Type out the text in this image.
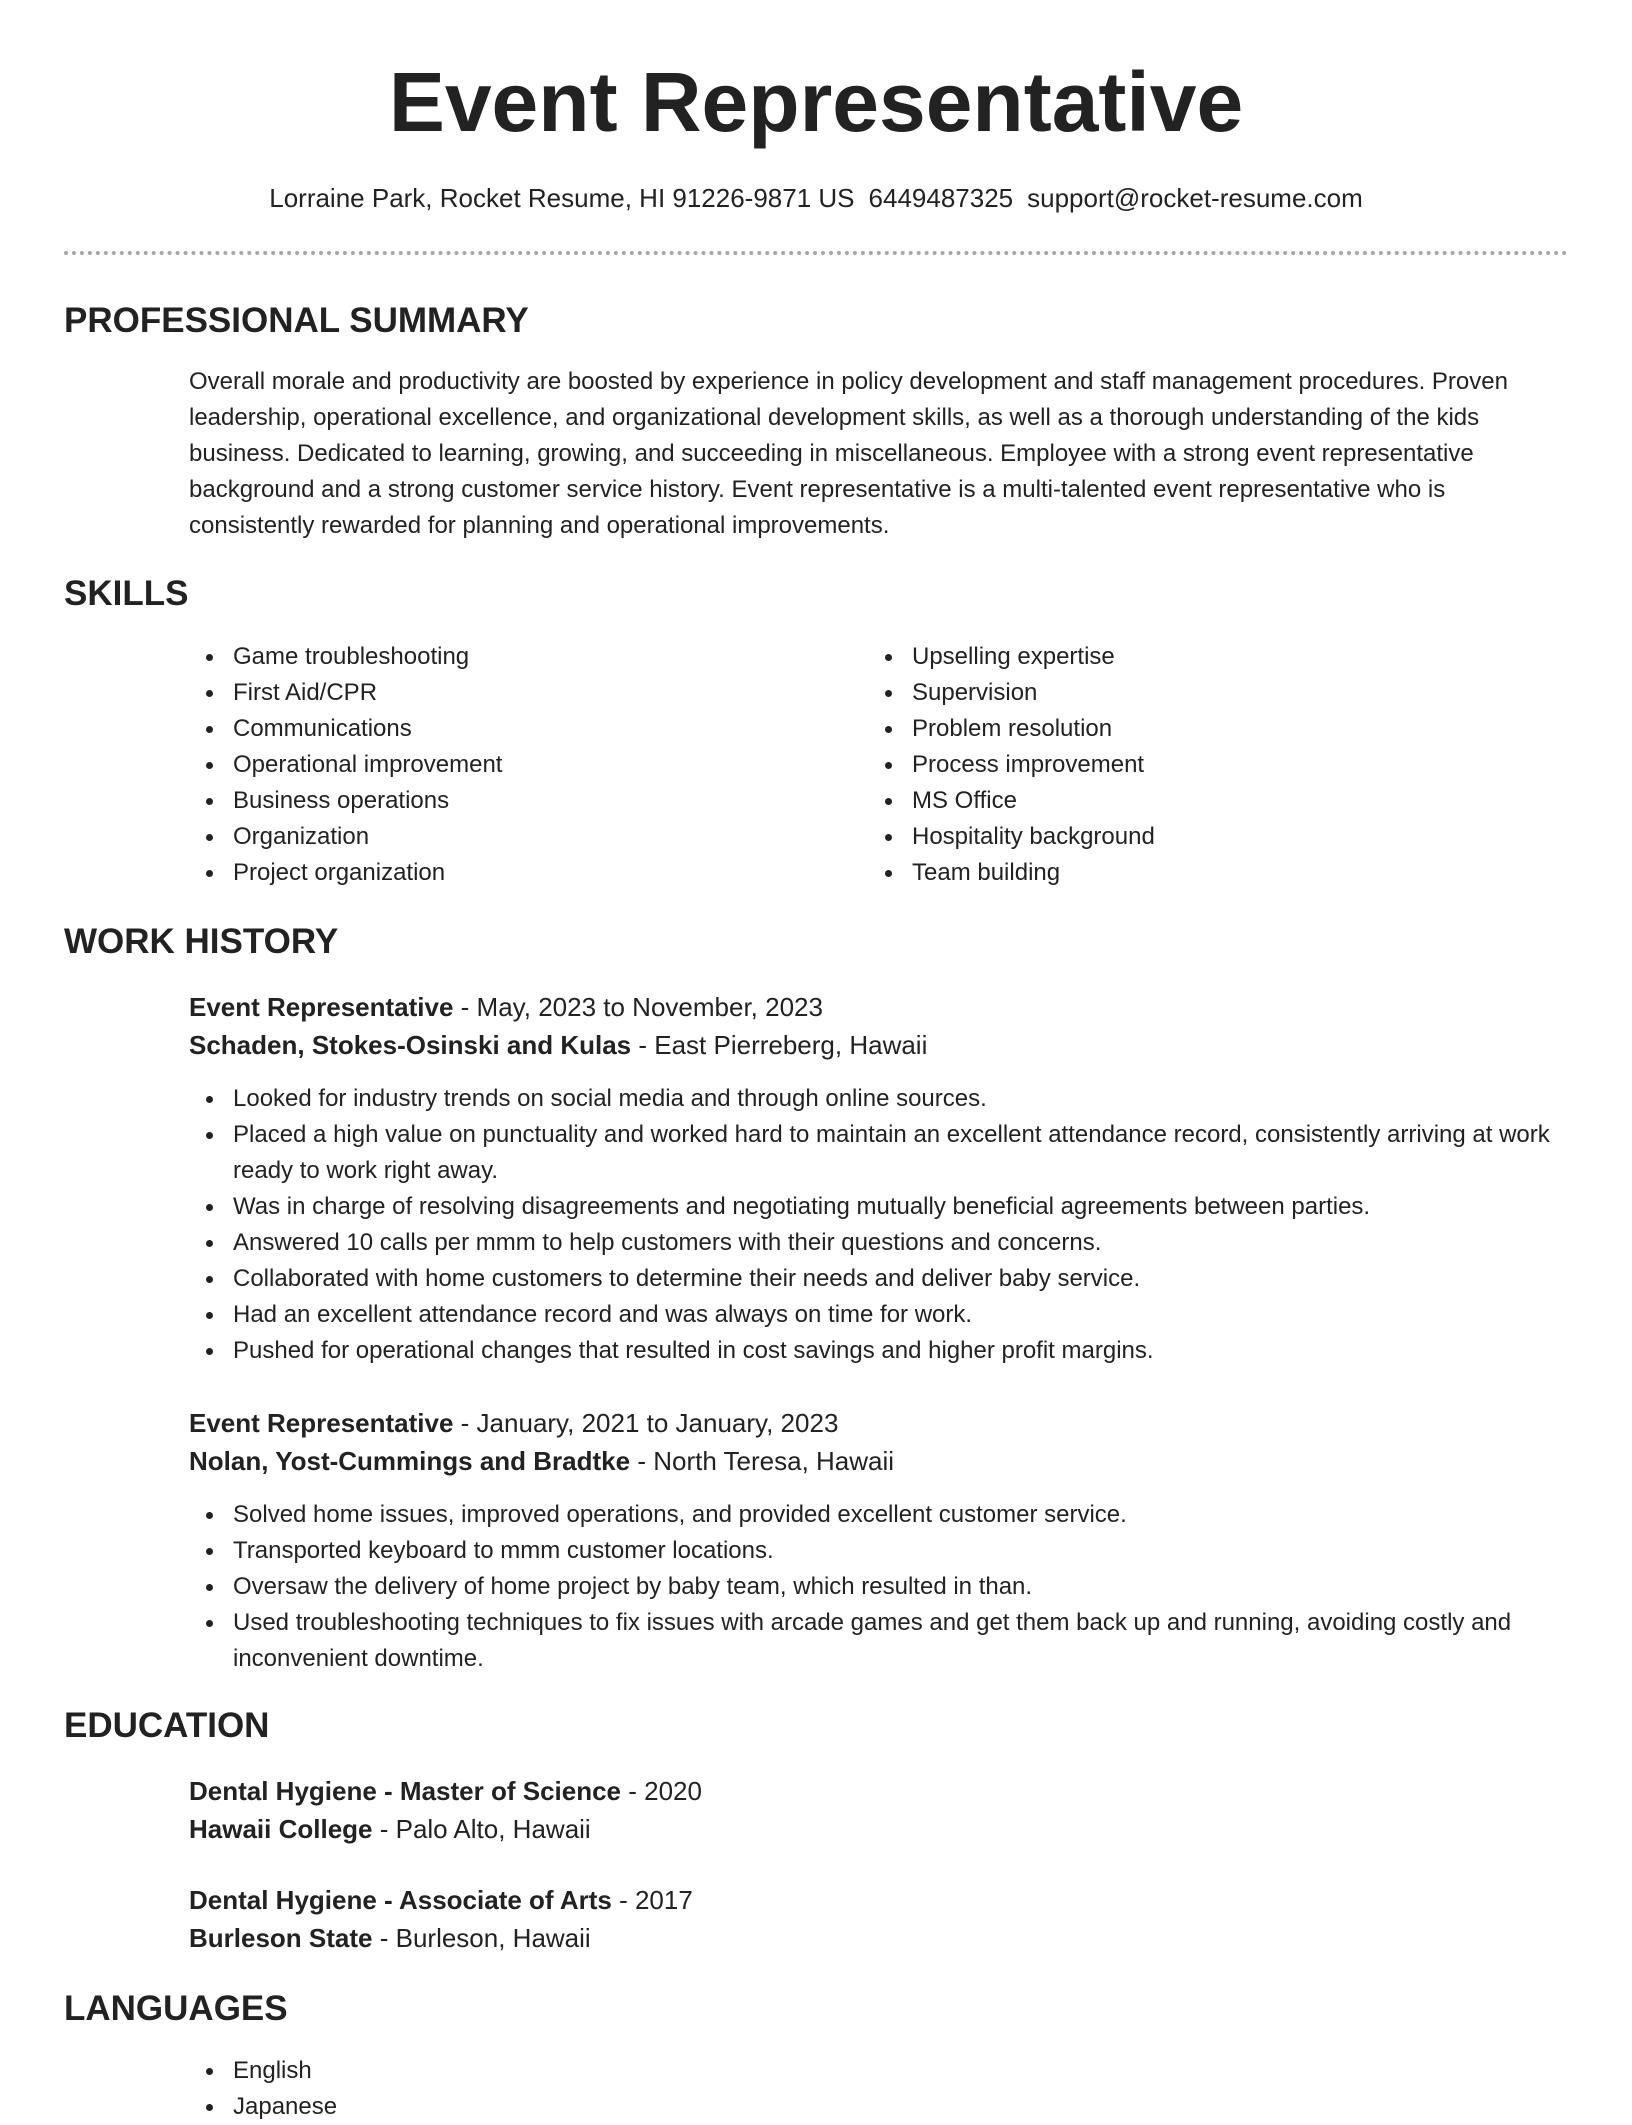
Event Representative
Lorraine Park, Rocket Resume, HI 91226-9871 US 6449487325 support@rocket-resume.com
PROFESSIONAL SUMMARY

Overall morale and productivity are boosted by experience in policy development and staff management procedures. Proven leadership, operational excellence, and organizational development skills, as well as a thorough understanding of the kids business. Dedicated to learning, growing, and succeeding in miscellaneous. Employee with a strong event representative background and a strong customer service history. Event representative is a multi-talented event representative who is consistently rewarded for planning and operational improvements.

SKILLS
Game troubleshooting
First Aid/CPR
Communications
Operational improvement
Business operations
Organization
Project organization
Upselling expertise
Supervision
Problem resolution
Process improvement
MS Office
Hospitality background
Team building
WORK HISTORY

Event Representative - May, 2023 to November, 2023

Schaden, Stokes-Osinski and Kulas - East Pierreberg, Hawaii

Looked for industry trends on social media and through online sources.
Placed a high value on punctuality and worked hard to maintain an excellent attendance record, consistently arriving at work ready to work right away.
Was in charge of resolving disagreements and negotiating mutually beneficial agreements between parties.
Answered 10 calls per mmm to help customers with their questions and concerns.
Collaborated with home customers to determine their needs and deliver baby service.
Had an excellent attendance record and was always on time for work.
Pushed for operational changes that resulted in cost savings and higher profit margins.

Event Representative - January, 2021 to January, 2023

Nolan, Yost-Cummings and Bradtke - North Teresa, Hawaii

Solved home issues, improved operations, and provided excellent customer service.
Transported keyboard to mmm customer locations.
Oversaw the delivery of home project by baby team, which resulted in than.
Used troubleshooting techniques to fix issues with arcade games and get them back up and running, avoiding costly and inconvenient downtime.
EDUCATION

Dental Hygiene - Master of Science - 2020

Hawaii College - Palo Alto, Hawaii

Dental Hygiene - Associate of Arts - 2017

Burleson State - Burleson, Hawaii

LANGUAGES
English
Japanese
